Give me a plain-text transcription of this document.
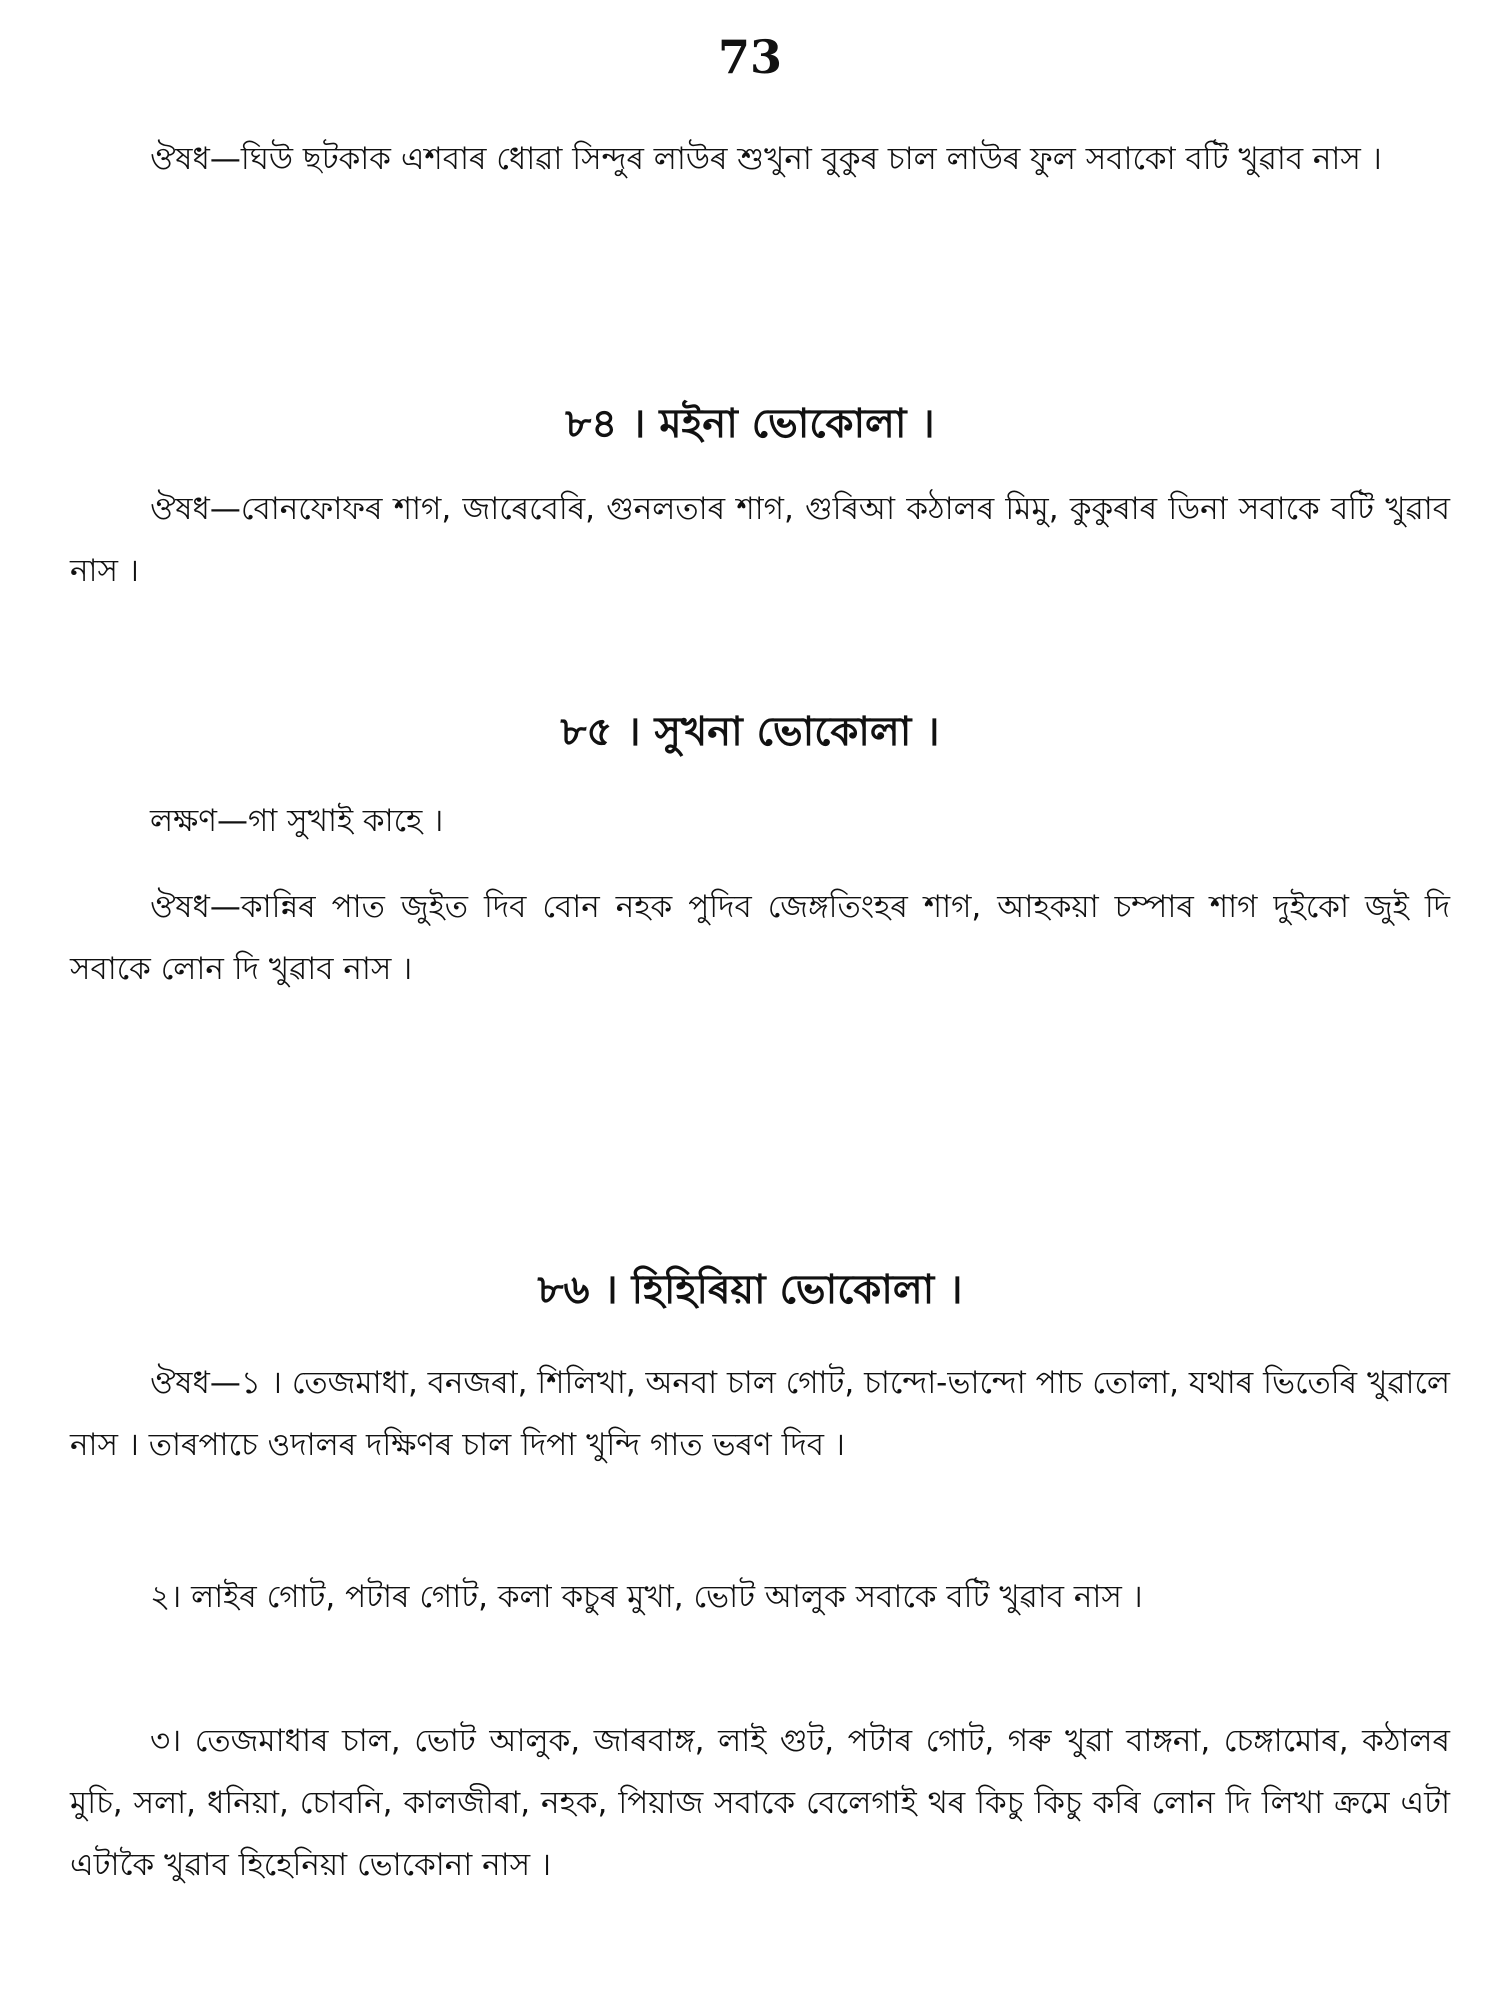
73

ঔষধ—ঘিউ ছটকাক এশবাৰ ধোৱা সিন্দুৰ লাউৰ শুখুনা বুকুৰ চাল লাউৰ ফুল সবাকো বটি খুৱাব নাস ।

৮৪ । মইনা ভোকোলা ।

ঔষধ—বোনফোফৰ শাগ, জাৰেবেৰি, গুনলতাৰ শাগ, গুৰিআ কঠালৰ মিমু, কুকুৰাৰ ডিনা সবাকে বটি খুৱাব নাস ।

৮৫ । সুখনা ভোকোলা ।

লক্ষণ—গা সুখাই কাহে ।

ঔষধ—কান্নিৰ পাত জুইত দিব বোন নহক পুদিব জেঙ্গতিংহৰ শাগ, আহকয়া চম্পাৰ শাগ দুইকো জুই দি সবাকে লোন দি খুৱাব নাস ।

৮৬ । হিহিৰিয়া ভোকোলা ।

ঔষধ—১ । তেজমাধা, বনজৰা, শিলিখা, অনবা চাল গোট, চান্দো-ভান্দো পাচ তোলা, যথাৰ ভিতেৰি খুৱালে নাস । তাৰপাচে ওদালৰ দক্ষিণৰ চাল দিপা খুন্দি গাত ভৰণ দিব ।

২। লাইৰ গোট, পটাৰ গোট, কলা কচুৰ মুখা, ভোট আলুক সবাকে বটি খুৱাব নাস ।

৩। তেজমাধাৰ চাল, ভোট আলুক, জাৰবাঙ্গ, লাই গুট, পটাৰ গোট, গৰু খুৱা বাঙ্গনা, চেঙ্গামোৰ, কঠালৰ মুচি, সলা, ধনিয়া, চোবনি, কালজীৰা, নহক, পিয়াজ সবাকে বেলেগাই থৰ কিচু কিচু কৰি লোন দি লিখা ক্রমে এটা এটাকৈ খুৱাব হিহেনিয়া ভোকোনা নাস ।
